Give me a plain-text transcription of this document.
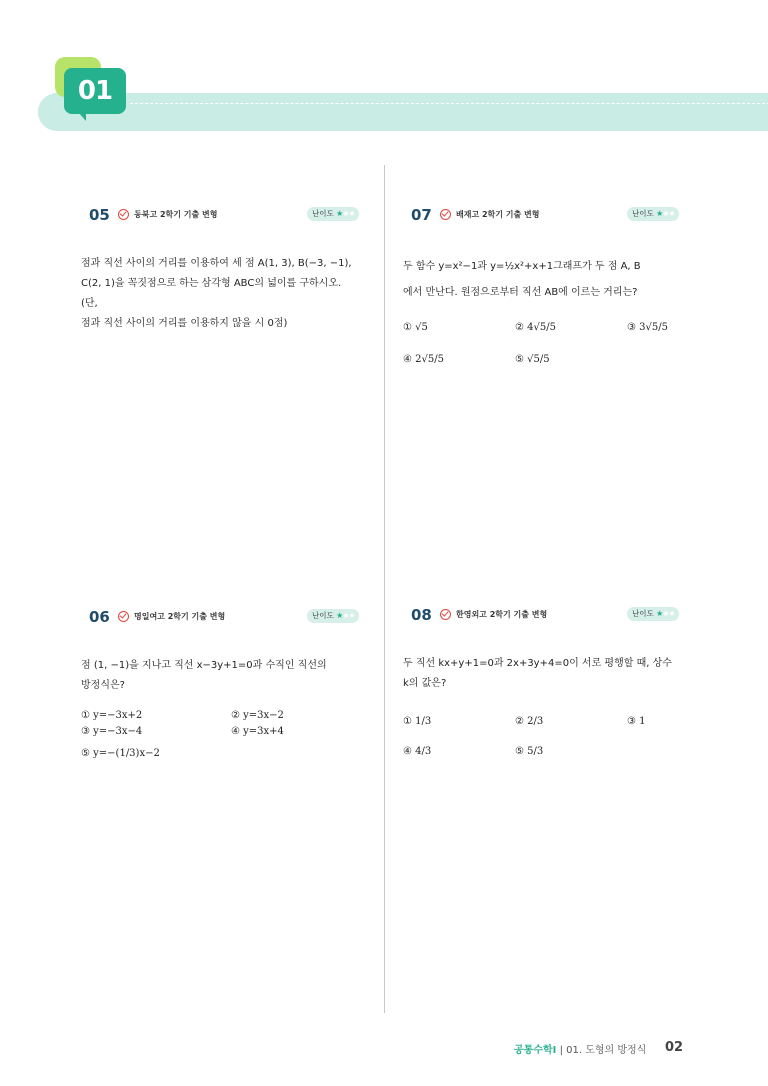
01
05	동북고 2학기 기출 변형	난이도 ★★★
점과 직선 사이의 거리를 이용하여 세 점 A(1, 3), B(−3, −1),
C(2, 1)을 꼭짓점으로 하는 삼각형 ABC의 넓이를 구하시오. (단,
점과 직선 사이의 거리를 이용하지 않을 시 0점)
07	배재고 2학기 기출 변형	난이도 ★★★
두 함수 y=x²−1과 y=½x²+x+1그래프가 두 점 A, B
에서 만난다. 원점으로부터 직선 AB에 이르는 거리는?
① √5	② 4√5/5	③ 3√5/5
④ 2√5/5	⑤ √5/5
06	명일여고 2학기 기출 변형	난이도 ★★★
점 (1, −1)을 지나고 직선 x−3y+1=0과 수직인 직선의
방정식은?
① y=−3x+2	② y=3x−2
③ y=−3x−4	④ y=3x+4
⑤ y=−(1/3)x−2
08	한영외고 2학기 기출 변형	난이도 ★★★
두 직선 kx+y+1=0과 2x+3y+4=0이 서로 평행할 때, 상수
k의 값은?
① 1/3	② 2/3	③ 1
④ 4/3	⑤ 5/3
공통수학Ⅰ | 01. 도형의 방정식 02
